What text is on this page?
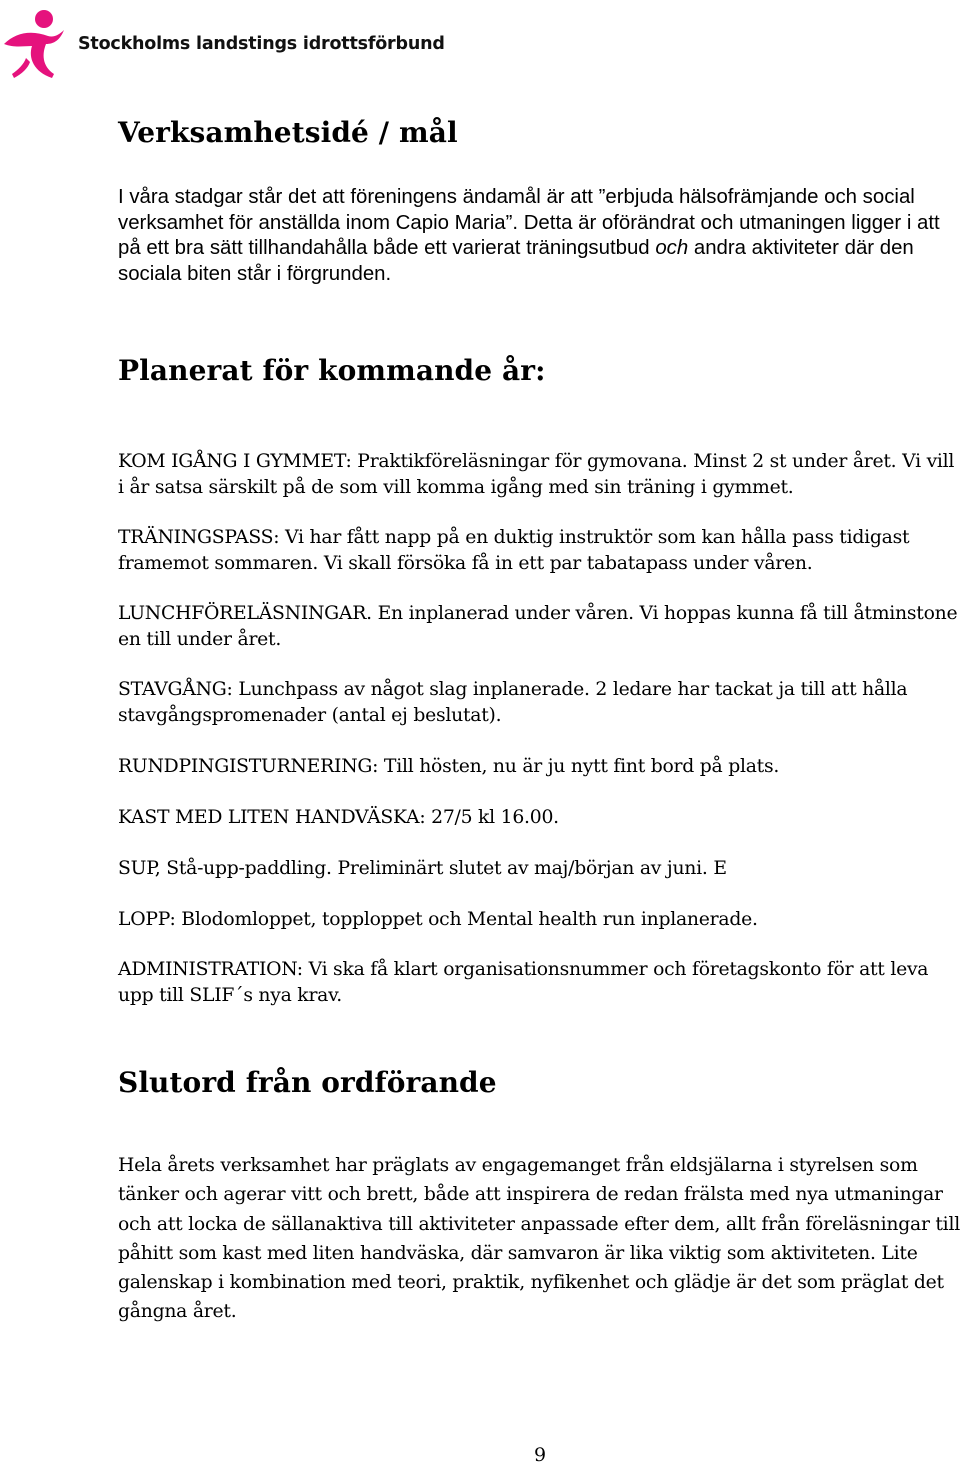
Stockholms landstings idrottsförbund
Verksamhetsidé / mål

I våra stadgar står det att föreningens ändamål är att ”erbjuda hälsofrämjande och social verksamhet för anställda inom Capio Maria”. Detta är oförändrat och utmaningen ligger i att på ett bra sätt tillhandahålla både ett varierat träningsutbud och andra aktiviteter där den sociala biten står i förgrunden.

Planerat för kommande år:

KOM IGÅNG I GYMMET: Praktikföreläsningar för gymovana. Minst 2 st under året. Vi vill i år satsa särskilt på de som vill komma igång med sin träning i gymmet.

TRÄNINGSPASS: Vi har fått napp på en duktig instruktör som kan hålla pass tidigast framemot sommaren. Vi skall försöka få in ett par tabatapass under våren.

LUNCHFÖRELÄSNINGAR. En inplanerad under våren. Vi hoppas kunna få till åtminstone en till under året.

STAVGÅNG: Lunchpass av något slag inplanerade. 2 ledare har tackat ja till att hålla stavgångspromenader (antal ej beslutat).

RUNDPINGISTURNERING: Till hösten, nu är ju nytt fint bord på plats.

KAST MED LITEN HANDVÄSKA: 27/5 kl 16.00.

SUP, Stå-upp-paddling. Preliminärt slutet av maj/början av juni. E

LOPP: Blodomloppet, topploppet och Mental health run inplanerade.

ADMINISTRATION: Vi ska få klart organisationsnummer och företagskonto för att leva upp till SLIF´s nya krav.

Slutord från ordförande

Hela årets verksamhet har präglats av engagemanget från eldsjälarna i styrelsen som tänker och agerar vitt och brett, både att inspirera de redan frälsta med nya utmaningar och att locka de sällanaktiva till aktiviteter anpassade efter dem, allt från föreläsningar till påhitt som kast med liten handväska, där samvaron är lika viktig som aktiviteten. Lite galenskap i kombination med teori, praktik, nyfikenhet och glädje är det som präglat det gångna året.

9
